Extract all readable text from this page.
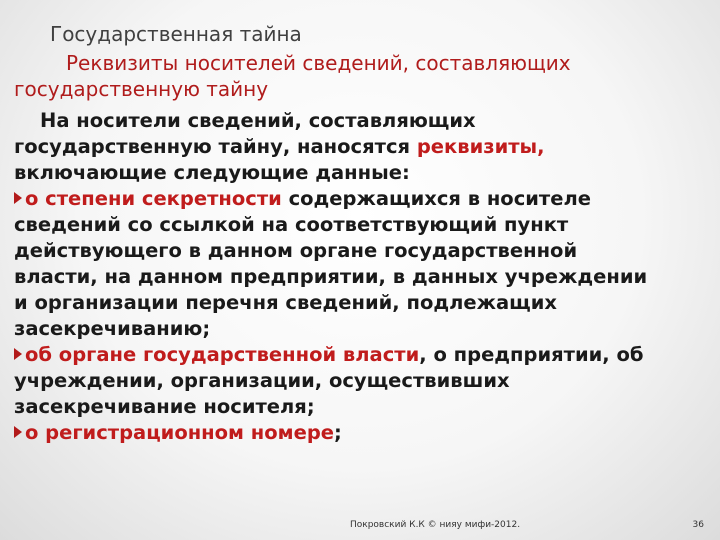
Государственная тайна
Реквизиты носителей сведений, составляющих
государственную тайну
На носители сведений, составляющих
государственную тайну, наносятся реквизиты,
включающие следующие данные:
о степени секретности содержащихся в носителе
сведений со ссылкой на соответствующий пункт
действующего в данном органе государственной
власти, на данном предприятии, в данных учреждении
и организации перечня сведений, подлежащих
засекречиванию;
об органе государственной власти, о предприятии, об
учреждении, организации, осуществивших
засекречивание носителя;
о регистрационном номере;
Покровский К.К © нияу мифи-2012.	36
